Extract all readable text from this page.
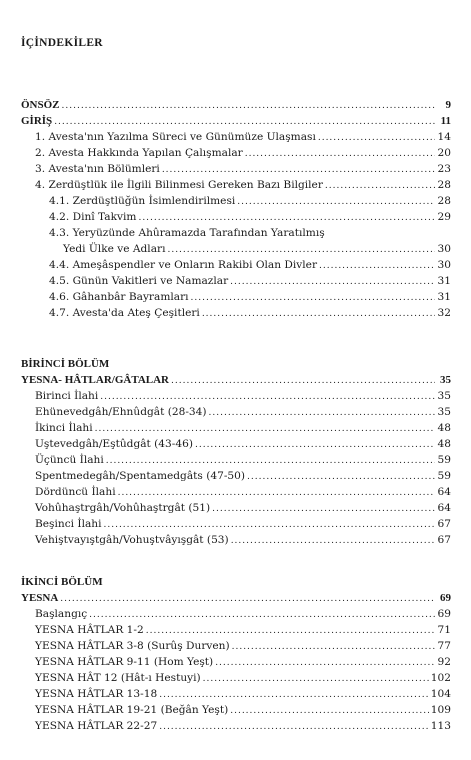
İÇİNDEKİLER
ÖNSÖZ .....	9
GİRİŞ .....	11
1. Avesta'nın Yazılma Süreci ve Günümüze Ulaşması .....	14
2. Avesta Hakkında Yapılan Çalışmalar .....	20
3. Avesta'nın Bölümleri .....	23
4. Zerdüştlük ile İlgili Bilinmesi Gereken Bazı Bilgiler .....	28
4.1. Zerdüştlüğün İsimlendirilmesi .....	28
4.2. Dinî Takvim .....	29
4.3. Yeryüzünde Ahûramazda Tarafından Yaratılmış
Yedi Ülke ve Adları .....	30
4.4. Ameşâspendler ve Onların Rakibi Olan Divler .....	30
4.5. Günün Vakitleri ve Namazlar .....	31
4.6. Gâhanbâr Bayramları .....	31
4.7. Avesta'da Ateş Çeşitleri .....	32
BİRİNCİ BÖLÜM
YESNA- HÂTLAR/GÂTALAR .....	35
Birinci İlahi .....	35
Ehünevedgâh/Ehnûdgât (28-34) .....	35
İkinci İlahi .....	48
Uştevedgâh/Eştûdgât (43-46) .....	48
Üçüncü İlahi .....	59
Spentmedegâh/Spentamedgâts (47-50) .....	59
Dördüncü İlahi .....	64
Vohûhaştrgâh/Vohûhaştrgât (51) .....	64
Beşinci İlahi .....	67
Vehiştvayıştgâh/Vohuştvâyışgât (53) .....	67
İKİNCİ BÖLÜM
YESNA .....	69
Başlangıç .....	69
YESNA HÂTLAR 1-2 .....	71
YESNA HÂTLAR 3-8 (Surûş Durven) .....	77
YESNA HÂTLAR 9-11 (Hom Yeşt) .....	92
YESNA HÂT 12 (Hât-ı Hestuyi) .....	102
YESNA HÂTLAR 13-18 .....	104
YESNA HÂTLAR 19-21 (Beğân Yeşt) .....	109
YESNA HÂTLAR 22-27 .....	113
